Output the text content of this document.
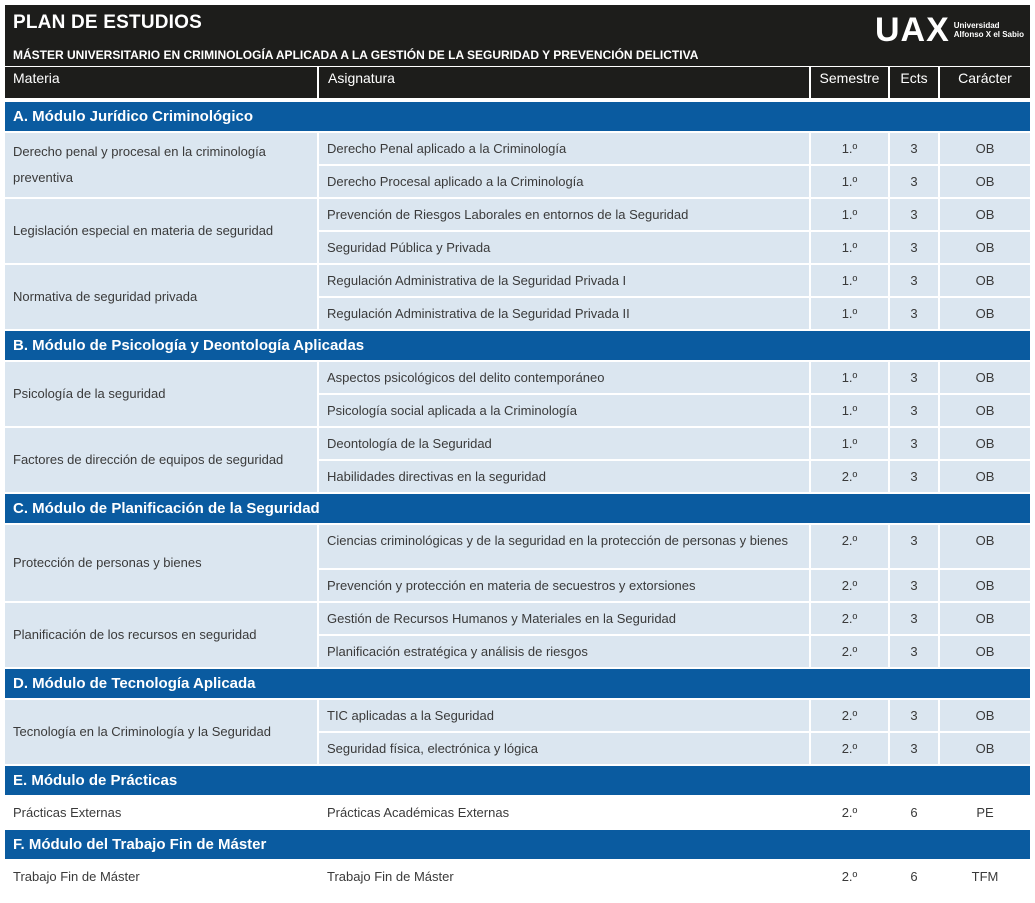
PLAN DE ESTUDIOS
MÁSTER UNIVERSITARIO EN CRIMINOLOGÍA APLICADA A LA GESTIÓN DE LA SEGURIDAD Y PREVENCIÓN DELICTIVA
UAX Universidad
Alfonso X el Sabio
Materia	Asignatura	Semestre	Ects	Carácter
A. Módulo Jurídico Criminológico
Derecho penal y procesal en la criminología preventiva
Derecho Penal aplicado a la Criminología	1.º	3	OB
Derecho Procesal aplicado a la Criminología	1.º	3	OB
Legislación especial en materia de seguridad
Prevención de Riesgos Laborales en entornos de la Seguridad	1.º	3	OB
Seguridad Pública y Privada	1.º	3	OB
Normativa de seguridad privada
Regulación Administrativa de la Seguridad Privada I	1.º	3	OB
Regulación Administrativa de la Seguridad Privada II	1.º	3	OB
B. Módulo de Psicología y Deontología Aplicadas
Psicología de la seguridad
Aspectos psicológicos del delito contemporáneo	1.º	3	OB
Psicología social aplicada a la Criminología	1.º	3	OB
Factores de dirección de equipos de seguridad
Deontología de la Seguridad	1.º	3	OB
Habilidades directivas en la seguridad	2.º	3	OB
C. Módulo de Planificación de la Seguridad
Protección de personas y bienes
Ciencias criminológicas y de la seguridad en la protección de personas y bienes	2.º	3	OB
Prevención y protección en materia de secuestros y extorsiones	2.º	3	OB
Planificación de los recursos en seguridad
Gestión de Recursos Humanos y Materiales en la Seguridad	2.º	3	OB
Planificación estratégica y análisis de riesgos	2.º	3	OB
D. Módulo de Tecnología Aplicada
Tecnología en la Criminología y la Seguridad
TIC aplicadas a la Seguridad	2.º	3	OB
Seguridad física, electrónica y lógica	2.º	3	OB
E. Módulo de Prácticas
Prácticas Externas	Prácticas Académicas Externas	2.º	6	PE
F. Módulo del Trabajo Fin de Máster
Trabajo Fin de Máster	Trabajo Fin de Máster	2.º	6	TFM
